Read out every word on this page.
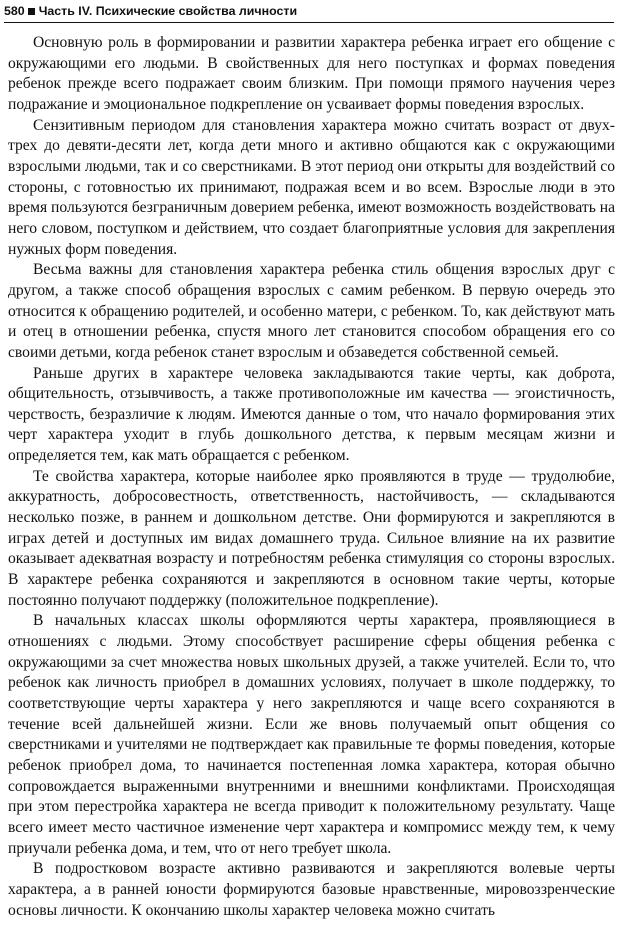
580 Часть IV. Психические свойства личности

Основную роль в формировании и развитии характера ребенка играет его общение с окружающими его людьми. В свойственных для него поступках и формах поведения ребенок прежде всего подражает своим близким. При помощи прямого научения через подражание и эмоциональное подкрепление он усваивает формы поведения взрослых.

Сензитивным периодом для становления характера можно считать возраст от двух-трех до девяти-десяти лет, когда дети много и активно общаются как с окружающими взрослыми людьми, так и со сверстниками. В этот период они открыты для воздействий со стороны, с готовностью их принимают, подражая всем и во всем. Взрослые люди в это время пользуются безграничным доверием ребенка, имеют возможность воздействовать на него словом, поступком и действием, что создает благоприятные условия для закрепления нужных форм поведения.

Весьма важны для становления характера ребенка стиль общения взрослых друг с другом, а также способ обращения взрослых с самим ребенком. В первую очередь это относится к обращению родителей, и особенно матери, с ребенком. То, как действуют мать и отец в отношении ребенка, спустя много лет становится способом обращения его со своими детьми, когда ребенок станет взрослым и обзаведется собственной семьей.

Раньше других в характере человека закладываются такие черты, как доброта, общительность, отзывчивость, а также противоположные им качества — эгоистичность, черствость, безразличие к людям. Имеются данные о том, что начало формирования этих черт характера уходит в глубь дошкольного детства, к первым месяцам жизни и определяется тем, как мать обращается с ребенком.

Те свойства характера, которые наиболее ярко проявляются в труде — трудолюбие, аккуратность, добросовестность, ответственность, настойчивость, — складываются несколько позже, в раннем и дошкольном детстве. Они формируются и закрепляются в играх детей и доступных им видах домашнего труда. Сильное влияние на их развитие оказывает адекватная возрасту и потребностям ребенка стимуляция со стороны взрослых. В характере ребенка сохраняются и закрепляются в основном такие черты, которые постоянно получают поддержку (положительное подкрепление).

В начальных классах школы оформляются черты характера, проявляющиеся в отношениях с людьми. Этому способствует расширение сферы общения ребенка с окружающими за счет множества новых школьных друзей, а также учителей. Если то, что ребенок как личность приобрел в домашних условиях, получает в школе поддержку, то соответствующие черты характера у него закрепляются и чаще всего сохраняются в течение всей дальнейшей жизни. Если же вновь получаемый опыт общения со сверстниками и учителями не подтверждает как правильные те формы поведения, которые ребенок приобрел дома, то начинается постепенная ломка характера, которая обычно сопровождается выраженными внутренними и внешними конфликтами. Происходящая при этом перестройка характера не всегда приводит к положительному результату. Чаще всего имеет место частичное изменение черт характера и компромисс между тем, к чему приучали ребенка дома, и тем, что от него требует школа.

В подростковом возрасте активно развиваются и закрепляются волевые черты характера, а в ранней юности формируются базовые нравственные, мировоззренческие основы личности. К окончанию школы характер человека можно считать
